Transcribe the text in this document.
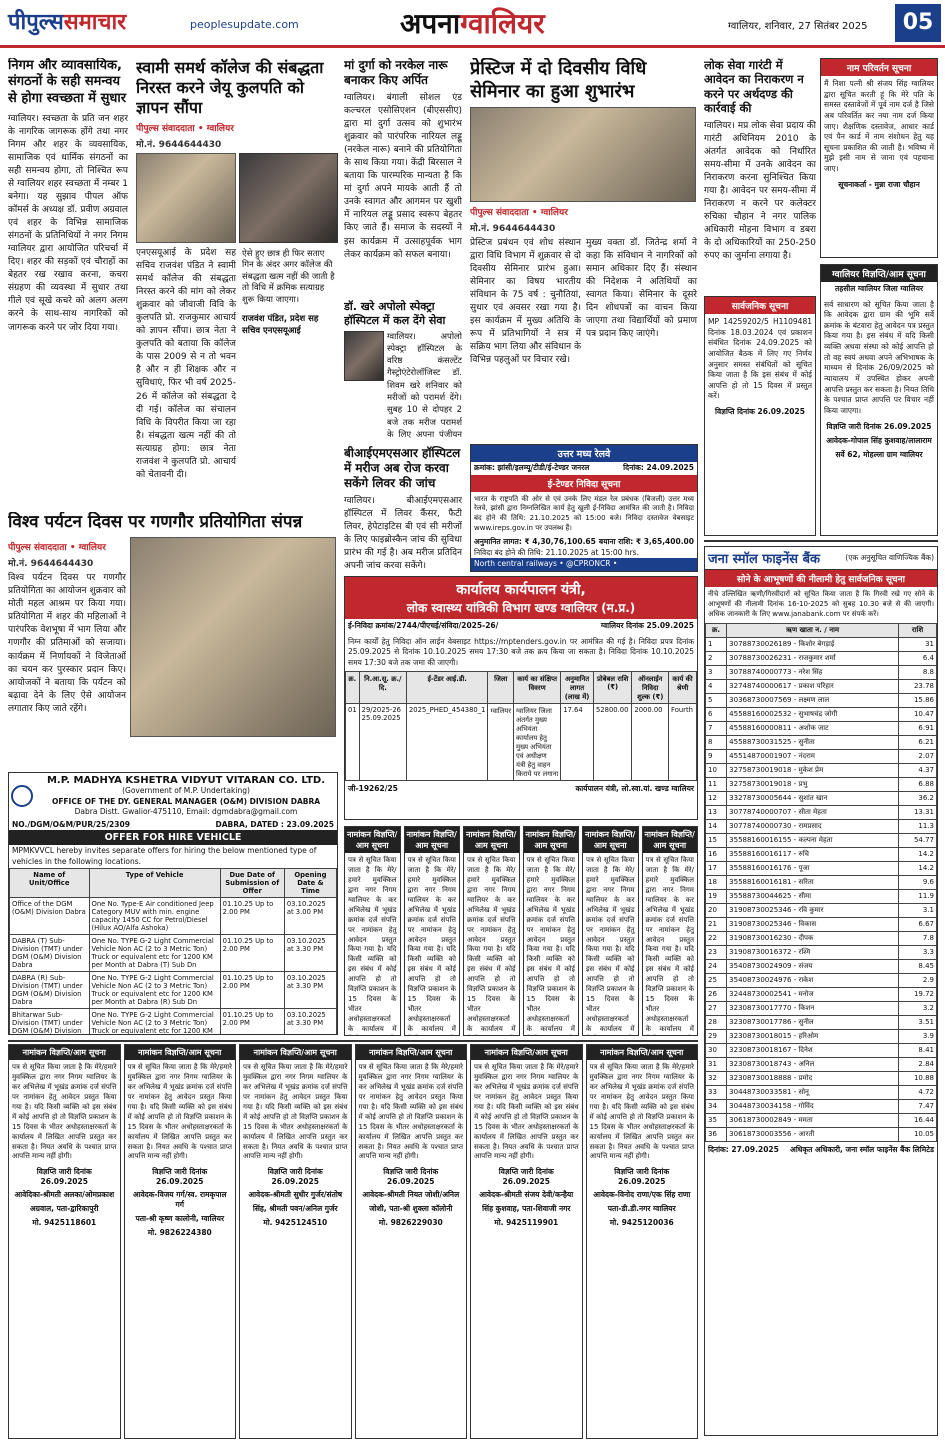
पीपुल्ससमाचार	peoplesupdate.com	अपनाग्वालियर	ग्वालियर, शनिवार, 27 सितंबर 2025	05
निगम और व्यावसायिक, संगठनों के सही समन्वय से होगा स्वच्छता में सुधार
ग्वालियर। स्वच्छता के प्रति जन शहर के नागरिक जागरूक होंगे तथा नगर निगम और शहर के व्यवसायिक, सामाजिक एवं धार्मिक संगठनों का सही समन्वय होगा, तो निश्चित रूप से ग्वालियर शहर स्वच्छता में नम्बर 1 बनेगा। यह सुझाव पीपल ऑफ कॉमर्स के अध्यक्ष डॉ. प्रवीण अग्रवाल एवं शहर के विभिन्न सामाजिक संगठनों के प्रतिनिधियों ने नगर निगम ग्वालियर द्वारा आयोजित परिचर्चा में दिए। शहर की सड़कों एवं चौराहों का बेहतर रख रखाव करना, कचरा संग्रहण की व्यवस्था में सुधार तथा गीले एवं सूखे कचरे को अलग अलग करने के साथ-साथ नागरिकों को जागरूक करने पर जोर दिया गया।
स्वामी समर्थ कॉलेज की संबद्धता निरस्त करने जेयू कुलपति को ज्ञापन सौंपा
पीपुल्स संवाददाता • ग्वालियर
मो.नं. 9644644430
एनएसयूआई के प्रदेश सह सचिव राजवंश पंडित ने स्वामी समर्थ कॉलेज की संबद्धता निरस्त करने की मांग को लेकर शुक्रवार को जीवाजी विवि के कुलपति प्रो. राजकुमार आचार्य को ज्ञापन सौंपा। छात्र नेता ने कुलपति को बताया कि कॉलेज के पास 2009 से न तो भवन है और न ही शिक्षक और न सुविधाएं, फिर भी वर्ष 2025-26 में कॉलेज को संबद्धता दे दी गई। कॉलेज का संचालन विधि के विपरीत किया जा रहा है। संबद्धता खत्म नहीं की तो सत्याग्रह होगा: छात्र नेता राजवंश ने कुलपति प्रो. आचार्य को चेतावनी दी।
ऐसे हुए छात्र ही फिर सताए गिन के अंदर अगर कॉलेज की संबद्धता खत्म नहीं की जाती है तो विधि में क्रमिक सत्याग्रह शुरू किया जाएगा।
राजवंश पंडित, प्रदेश सह सचिव एनएसयूआई
मां दुर्गा को नरकेल नारू बनाकर किए अर्पित
ग्वालियर। बंगाली सोशल एंड कल्चरल एसोसिएशन (बीएससीए) द्वारा मां दुर्गा उत्सव को शुभारंभ शुक्रवार को पारंपरिक नारियल लड्डू (नरकेल नारू) बनाने की प्रतियोगिता के साथ किया गया। केंद्री बिरसाल ने बताया कि पारम्परिक मान्यता है कि मां दुर्गा अपने मायके आती हैं तो उनके स्वागत और आगमन पर खुशी में नारियल लड्डू प्रसाद स्वरूप बेहतर किए जाते हैं। समाज के सदस्यों ने इस कार्यक्रम में उत्साहपूर्वक भाग लेकर कार्यक्रम को सफल बनाया।
डॉ. खरे अपोलो स्पेक्ट्रा हॉस्पिटल में कल देंगे सेवा
ग्वालियर। अपोलो स्पेक्ट्रा हॉस्पिटल के वरिष्ठ कंसल्टेंट गैस्ट्रोएंटेरोलॉजिस्ट डॉ. शिवम खरे शनिवार को मरीजों को परामर्श देंगे। सुबह 10 से दोपहर 2 बजे तक मरीज परामर्श के लिए अपना पंजीयन
प्रेस्टिज में दो दिवसीय विधि सेमिनार का हुआ शुभारंभ
पीपुल्स संवाददाता • ग्वालियर
मो.नं. 9644644430
प्रेस्टिज प्रबंधन एवं शोध संस्थान द्वारा विधि विभाग में शुक्रवार से दो दिवसीय सेमिनार प्रारंभ हुआ। सेमिनार का विषय भारतीय संविधान के 75 वर्ष : चुनौतियां, सुधार एवं अवसर रखा गया है। इस कार्यक्रम में मुख्य अतिथि के रूप में प्रतिभागियों ने सत्र में सक्रिय भाग लिया और संविधान के विभिन्न पहलुओं पर विचार रखे।
मुख्य वक्ता डॉ. जितेन्द्र शर्मा ने कहा कि संविधान ने नागरिकों को समान अधिकार दिए हैं। संस्थान की निदेशक ने अतिथियों का स्वागत किया। सेमिनार के दूसरे दिन शोधपत्रों का वाचन किया जाएगा तथा विद्यार्थियों को प्रमाण पत्र प्रदान किए जाएंगे।
लोक सेवा गारंटी में आवेदन का निराकरण न करने पर अर्थदण्ड की कार्रवाई की
ग्वालियर। मप्र लोक सेवा प्रदाय की गारंटी अधिनियम 2010 के अंतर्गत आवेदक को निर्धारित समय-सीमा में उनके आवेदन का निराकरण करना सुनिश्चित किया गया है। आवेदन पर समय-सीमा में निराकरण न करने पर कलेक्टर रुचिका चौहान ने नगर पालिक अधिकारी मोहना विभाग व डबरा के दो अधिकारियों का 250-250 रुपए का जुर्माना लगाया है।
नाम परिवर्तन सूचना
मैं निशा पत्नी श्री संजय सिंह ग्वालियर द्वारा सूचित करती हूं कि मेरे पति के समस्त दस्तावेजों में पूर्व नाम दर्ज है जिसे अब परिवर्तित कर नया नाम दर्ज किया जाए। शैक्षणिक दस्तावेज, आधार कार्ड एवं पैन कार्ड में नाम संशोधन हेतु यह सूचना प्रकाशित की जाती है। भविष्य में मुझे इसी नाम से जाना एवं पहचाना जाए।
सूचनाकर्ता - मुन्ना राजा चौहान
सार्वजनिक सूचना
MP 14259202/5 H1109481 दिनांक 18.03.2024 एवं प्रकाशन संबंधित दिनांक 24.09.2025 को आयोजित बैठक में लिए गए निर्णय अनुसार समस्त संबंधितों को सूचित किया जाता है कि इस संबंध में कोई आपत्ति हो तो 15 दिवस में प्रस्तुत करें।
विज्ञप्ति दिनांक 26.09.2025
ग्वालियर विज्ञप्ति/आम सूचना
तहसील ग्वालियर जिला ग्वालियर
सर्व साधारण को सूचित किया जाता है कि आवेदक द्वारा ग्राम की भूमि सर्वे क्रमांक के बंटवारा हेतु आवेदन पत्र प्रस्तुत किया गया है। इस संबंध में यदि किसी व्यक्ति अथवा संस्था को कोई आपत्ति हो तो वह स्वयं अथवा अपने अभिभाषक के माध्यम से दिनांक 26/09/2025 को न्यायालय में उपस्थित होकर अपनी आपत्ति प्रस्तुत कर सकता है। नियत तिथि के पश्चात प्राप्त आपत्ति पर विचार नहीं किया जाएगा।
विज्ञप्ति जारी दिनांक 26.09.2025
आवेदक-गोपाल सिंह कुशवाह/लालाराम
सर्वे 62, मोहल्ला ग्राम ग्वालियर
विश्व पर्यटन दिवस पर गणगौर प्रतियोगिता संपन्न
पीपुल्स संवाददाता • ग्वालियर
मो.नं. 9644644430
विश्व पर्यटन दिवस पर गणगौर प्रतियोगिता का आयोजन शुक्रवार को मोती महल आश्रम पर किया गया। प्रतियोगिता में शहर की महिलाओं ने पारंपरिक वेशभूषा में भाग लिया और गणगौर की प्रतिमाओं को सजाया। कार्यक्रम में निर्णायकों ने विजेताओं का चयन कर पुरस्कार प्रदान किए। आयोजकों ने बताया कि पर्यटन को बढ़ावा देने के लिए ऐसे आयोजन लगातार किए जाते रहेंगे।
बीआईएमएसआर हॉस्पिटल में मरीज अब रोज करवा सकेंगे लिवर की जांच
ग्वालियर। बीआईएमएसआर हॉस्पिटल में लिवर कैंसर, फैटी लिवर, हेपेटाइटिस बी एवं सी मरीजों के लिए फाइब्रोस्कैन जांच की सुविधा प्रारंभ की गई है। अब मरीज प्रतिदिन अपनी जांच करवा सकेंगे।
उत्तर मध्य रेलवे
क्रमांक: झांसी/इलम्यू/टीडी/ई-टेण्डर जनरल	दिनांक: 24.09.2025
ई-टेण्डर निविदा सूचना
भारत के राष्ट्रपति की ओर से एवं उनके लिए मंडल रेल प्रबंधक (बिजली) उत्तर मध्य रेलवे, झांसी द्वारा निम्नलिखित कार्य हेतु खुली ई-निविदा आमंत्रित की जाती है। निविदा बंद होने की तिथि: 21.10.2025 को 15:00 बजे। निविदा दस्तावेज वेबसाइट www.ireps.gov.in पर उपलब्ध हैं।
अनुमानित लागत: ₹ 4,30,76,100.65 बयाना राशि: ₹ 3,65,400.00
निविदा बंद होने की तिथि: 21.10.2025 at 15:00 hrs.
North central railways • @CPRONCR •
M.P. MADHYA KSHETRA VIDYUT VITARAN CO. LTD.
(Government of M.P. Undertaking)
OFFICE OF THE DY. GENERAL MANAGER (O&M) DIVISION DABRA
Dabra Distt. Gwalior-475110, Email: dgmdabra@gmail.com
NO./DGM/O&M/PUR/25/2309	DABRA, DATED : 23.09.2025
OFFER FOR HIRE VEHICLE
MPMKVVCL hereby invites separate offers for hiring the below mentioned type of vehicles in the following locations.
Name of Unit/Office	Type of Vehicle	Due Date of Submission of Offer	Opening Date & Time
Office of the DGM (O&M) Division Dabra	One No. Type-E Air conditioned Jeep Category MUV with min. engine capacity 1450 CC for Petrol/Diesel (Hilux AO/Alfa Ashoka)	01.10.25 Up to 2.00 PM	03.10.2025 at 3.00 PM
DABRA (T) Sub-Division (TMT) under DGM (O&M) Division Dabra	One No. TYPE G-2 Light Commercial Vehicle Non AC (2 to 3 Metric Ton) Truck or equivalent etc for 1200 KM per Month at Dabra (T) Sub Dn	01.10.25 Up to 2.00 PM	03.10.2025 at 3.30 PM
DABRA (R) Sub-Division (TMT) under DGM (O&M) Division Dabra	One No. TYPE G-2 Light Commercial Vehicle Non AC (2 to 3 Metric Ton) Truck or equivalent etc for 1200 KM per Month at Dabra (R) Sub Dn	01.10.25 Up to 2.00 PM	03.10.2025 at 3.30 PM
Bhitarwar Sub-Division (TMT) under DGM (O&M) Division	One No. TYPE G-2 Light Commercial Vehicle Non AC (2 to 3 Metric Ton) Truck or equivalent etc for 1200 KM	01.10.25 Up to 2.00 PM	03.10.2025 at 3.30 PM

कार्यालय कार्यपालन यंत्री,
लोक स्वास्थ्य यांत्रिकी विभाग खण्ड ग्वालियर (म.प्र.)
ई-निविदा क्रमांक/2744/पीएचई/संविदा/2025-26/	ग्वालियर दिनांक 25.09.2025
निम्न कार्यों हेतु निविदा ऑन लाईन वेबसाइट https://mptenders.gov.in पर आमंत्रित की गई है। निविदा प्रपत्र दिनांक 25.09.2025 से दिनांक 10.10.2025 समय 17:30 बजे तक क्रय किया जा सकता है। निविदा दिनांक 10.10.2025 समय 17:30 बजे तक जमा की जाएगी।
क्र.	नि.आ.सू. क्र./दि.	ई-टेंडर आई.डी.	जिला	कार्य का संक्षिप्त विवरण	अनुमानित लागत (लाख में)	प्रोबेबल राशि (₹)	ऑनलाईन निविदा शुल्क (₹)	कार्य की श्रेणी
01	29/2025-26 25.09.2025	2025_PHED_454380_1	ग्वालियर	ग्वालियर जिला अंतर्गत मुख्य अभियंता कार्यालय हेतु मुख्य अभियंता एवं अधीक्षण यंत्री हेतु वाहन किराये पर लगाना	17.64	52800.00	2000.00	Fourth
जी-19262/25	कार्यपालन यंत्री, लो.स्वा.यां. खण्ड ग्वालियर
जना स्मॉल फाइनेंस बैंक	(एक अनुसूचित वाणिज्यिक बैंक)
सोने के आभूषणों की नीलामी हेतु सार्वजनिक सूचना
नीचे उल्लिखित ऋणी/गिरवीदारों को सूचित किया जाता है कि गिरवी रखे गए सोने के आभूषणों की नीलामी दिनांक 16-10-2025 को सुबह 10.30 बजे से की जाएगी। अधिक जानकारी के लिए www.janabank.com पर संपर्क करें।
क्र.	ऋण खाता न. / नाम	राशि
1	30788730026189 - किशोर बेगड़ाई	31
2	30788730026231 - राजकुमार शर्मा	6.4
3	30788740000773 - नरेश सिंह	8.8
4	32748740000617 - प्रकाश परिहार	23.78
5	30368730007569 - लक्ष्मण लाल	15.86
6	45588160002532 - सुभाषचंद्र जोगी	10.47
7	45588160000811 - अशोक जाट	6.91
8	45588730031525 - सुनीता	6.21
9	45514870001907 - नंदराम	2.07
10	32758730019018 - मुकेश प्रेम	4.37
11	32758730019018 - प्रभु	6.88
12	33278730005644 - सुशांत खान	36.2
13	30778740000707 - सीता मेहता	13.31
14	30778740000730 - रामप्रसाद	11.3
15	35588160016155 - कल्पना मेहता	54.77
16	35588160016117 - रुचि	14.2
17	35588160016176 - पूजा	14.2
18	35588160016181 - सरिता	9.6
19	35588730044625 - सीमा	11.9
20	31908730025346 - रवि कुमार	3.1
21	31908730025346 - विकास	6.67
22	31908730016230 - दीपक	7.8
23	31908730016372 - रश्मि	3.3
24	35408730024909 - संजय	8.45
25	35408730024976 - राकेश	2.9
26	32448730002541 - मनोज	19.72
27	32308730017770 - किशन	3.2
28	32308730017786 - सुनील	3.51
29	32308730018015 - हरिओम	3.9
30	32308730018167 - दिनेश	8.41
31	32308730018743 - अनिल	2.84
32	32308730018888 - प्रमोद	10.88
33	30448730033581 - सोनू	4.72
34	30448730034158 - गोविंद	7.47
35	30618730002849 - ममता	16.44
36	30618730003556 - आरती	10.05
दिनांक: 27.09.2025 अधिकृत अधिकारी, जना स्मॉल फाइनेंस बैंक लिमिटेड
नामांकन विज्ञप्ति/आम सूचना
पत्र से सूचित किया जाता है कि मेरे/हमारे मुवक्किल द्वारा नगर निगम ग्वालियर के कर अभिलेख में भूखंड क्रमांक दर्ज संपत्ति पर नामांकन हेतु आवेदन प्रस्तुत किया गया है। यदि किसी व्यक्ति को इस संबंध में कोई आपत्ति हो तो विज्ञप्ति प्रकाशन के 15 दिवस के भीतर अधोहस्ताक्षरकर्ता के कार्यालय में
नामांकन विज्ञप्ति/आम सूचना
पत्र से सूचित किया जाता है कि मेरे/हमारे मुवक्किल द्वारा नगर निगम ग्वालियर के कर अभिलेख में भूखंड क्रमांक दर्ज संपत्ति पर नामांकन हेतु आवेदन प्रस्तुत किया गया है। यदि किसी व्यक्ति को इस संबंध में कोई आपत्ति हो तो विज्ञप्ति प्रकाशन के 15 दिवस के भीतर अधोहस्ताक्षरकर्ता के कार्यालय में
नामांकन विज्ञप्ति/आम सूचना
पत्र से सूचित किया जाता है कि मेरे/हमारे मुवक्किल द्वारा नगर निगम ग्वालियर के कर अभिलेख में भूखंड क्रमांक दर्ज संपत्ति पर नामांकन हेतु आवेदन प्रस्तुत किया गया है। यदि किसी व्यक्ति को इस संबंध में कोई आपत्ति हो तो विज्ञप्ति प्रकाशन के 15 दिवस के भीतर अधोहस्ताक्षरकर्ता के कार्यालय में
नामांकन विज्ञप्ति/आम सूचना
पत्र से सूचित किया जाता है कि मेरे/हमारे मुवक्किल द्वारा नगर निगम ग्वालियर के कर अभिलेख में भूखंड क्रमांक दर्ज संपत्ति पर नामांकन हेतु आवेदन प्रस्तुत किया गया है। यदि किसी व्यक्ति को इस संबंध में कोई आपत्ति हो तो विज्ञप्ति प्रकाशन के 15 दिवस के भीतर अधोहस्ताक्षरकर्ता के कार्यालय में
नामांकन विज्ञप्ति/आम सूचना
पत्र से सूचित किया जाता है कि मेरे/हमारे मुवक्किल द्वारा नगर निगम ग्वालियर के कर अभिलेख में भूखंड क्रमांक दर्ज संपत्ति पर नामांकन हेतु आवेदन प्रस्तुत किया गया है। यदि किसी व्यक्ति को इस संबंध में कोई आपत्ति हो तो विज्ञप्ति प्रकाशन के 15 दिवस के भीतर अधोहस्ताक्षरकर्ता के कार्यालय में
नामांकन विज्ञप्ति/आम सूचना
पत्र से सूचित किया जाता है कि मेरे/हमारे मुवक्किल द्वारा नगर निगम ग्वालियर के कर अभिलेख में भूखंड क्रमांक दर्ज संपत्ति पर नामांकन हेतु आवेदन प्रस्तुत किया गया है। यदि किसी व्यक्ति को इस संबंध में कोई आपत्ति हो तो विज्ञप्ति प्रकाशन के 15 दिवस के भीतर अधोहस्ताक्षरकर्ता के कार्यालय में
नामांकन विज्ञप्ति/आम सूचना
पत्र से सूचित किया जाता है कि मेरे/हमारे मुवक्किल द्वारा नगर निगम ग्वालियर के कर अभिलेख में भूखंड क्रमांक दर्ज संपत्ति पर नामांकन हेतु आवेदन प्रस्तुत किया गया है। यदि किसी व्यक्ति को इस संबंध में कोई आपत्ति हो तो विज्ञप्ति प्रकाशन के 15 दिवस के भीतर अधोहस्ताक्षरकर्ता के कार्यालय में लिखित आपत्ति प्रस्तुत कर सकता है। नियत अवधि के पश्चात प्राप्त आपत्ति मान्य नहीं होगी।
विज्ञप्ति जारी दिनांक 26.09.2025
आवेदिका-श्रीमती अलका/ओमप्रकाश
अग्रवाल, पता-द्वारिकापुरी
मो. 9425118601
नामांकन विज्ञप्ति/आम सूचना
पत्र से सूचित किया जाता है कि मेरे/हमारे मुवक्किल द्वारा नगर निगम ग्वालियर के कर अभिलेख में भूखंड क्रमांक दर्ज संपत्ति पर नामांकन हेतु आवेदन प्रस्तुत किया गया है। यदि किसी व्यक्ति को इस संबंध में कोई आपत्ति हो तो विज्ञप्ति प्रकाशन के 15 दिवस के भीतर अधोहस्ताक्षरकर्ता के कार्यालय में लिखित आपत्ति प्रस्तुत कर सकता है। नियत अवधि के पश्चात प्राप्त आपत्ति मान्य नहीं होगी।
विज्ञप्ति जारी दिनांक 26.09.2025
आवेदक-विजय गर्ग/स्व. रामकृपाल गर्ग
पता-श्री कृष्ण कालोनी, ग्वालियर
मो. 9826224380
नामांकन विज्ञप्ति/आम सूचना
पत्र से सूचित किया जाता है कि मेरे/हमारे मुवक्किल द्वारा नगर निगम ग्वालियर के कर अभिलेख में भूखंड क्रमांक दर्ज संपत्ति पर नामांकन हेतु आवेदन प्रस्तुत किया गया है। यदि किसी व्यक्ति को इस संबंध में कोई आपत्ति हो तो विज्ञप्ति प्रकाशन के 15 दिवस के भीतर अधोहस्ताक्षरकर्ता के कार्यालय में लिखित आपत्ति प्रस्तुत कर सकता है। नियत अवधि के पश्चात प्राप्त आपत्ति मान्य नहीं होगी।
विज्ञप्ति जारी दिनांक 26.09.2025
आवेदक-श्रीमती सुधीर गुर्जर/संतोष
सिंह, श्रीमती पवन/अनिल गुर्जर
मो. 9425124510
नामांकन विज्ञप्ति/आम सूचना
पत्र से सूचित किया जाता है कि मेरे/हमारे मुवक्किल द्वारा नगर निगम ग्वालियर के कर अभिलेख में भूखंड क्रमांक दर्ज संपत्ति पर नामांकन हेतु आवेदन प्रस्तुत किया गया है। यदि किसी व्यक्ति को इस संबंध में कोई आपत्ति हो तो विज्ञप्ति प्रकाशन के 15 दिवस के भीतर अधोहस्ताक्षरकर्ता के कार्यालय में लिखित आपत्ति प्रस्तुत कर सकता है। नियत अवधि के पश्चात प्राप्त आपत्ति मान्य नहीं होगी।
विज्ञप्ति जारी दिनांक 26.09.2025
आवेदक-श्रीमती नियत जोशी/अनिल
जोशी, पता-श्री शुक्ला कॉलोनी
मो. 9826229030
नामांकन विज्ञप्ति/आम सूचना
पत्र से सूचित किया जाता है कि मेरे/हमारे मुवक्किल द्वारा नगर निगम ग्वालियर के कर अभिलेख में भूखंड क्रमांक दर्ज संपत्ति पर नामांकन हेतु आवेदन प्रस्तुत किया गया है। यदि किसी व्यक्ति को इस संबंध में कोई आपत्ति हो तो विज्ञप्ति प्रकाशन के 15 दिवस के भीतर अधोहस्ताक्षरकर्ता के कार्यालय में लिखित आपत्ति प्रस्तुत कर सकता है। नियत अवधि के पश्चात प्राप्त आपत्ति मान्य नहीं होगी।
विज्ञप्ति जारी दिनांक 26.09.2025
आवेदक-श्रीमती संजय देवी/कन्हैया
सिंह कुशवाह, पता-शिवाजी नगर
मो. 9425119901
नामांकन विज्ञप्ति/आम सूचना
पत्र से सूचित किया जाता है कि मेरे/हमारे मुवक्किल द्वारा नगर निगम ग्वालियर के कर अभिलेख में भूखंड क्रमांक दर्ज संपत्ति पर नामांकन हेतु आवेदन प्रस्तुत किया गया है। यदि किसी व्यक्ति को इस संबंध में कोई आपत्ति हो तो विज्ञप्ति प्रकाशन के 15 दिवस के भीतर अधोहस्ताक्षरकर्ता के कार्यालय में लिखित आपत्ति प्रस्तुत कर सकता है। नियत अवधि के पश्चात प्राप्त आपत्ति मान्य नहीं होगी।
विज्ञप्ति जारी दिनांक 26.09.2025
आवेदक-विनोद राणा/एक सिंह राणा
पता-डी.डी.नगर ग्वालियर
मो. 9425120036
